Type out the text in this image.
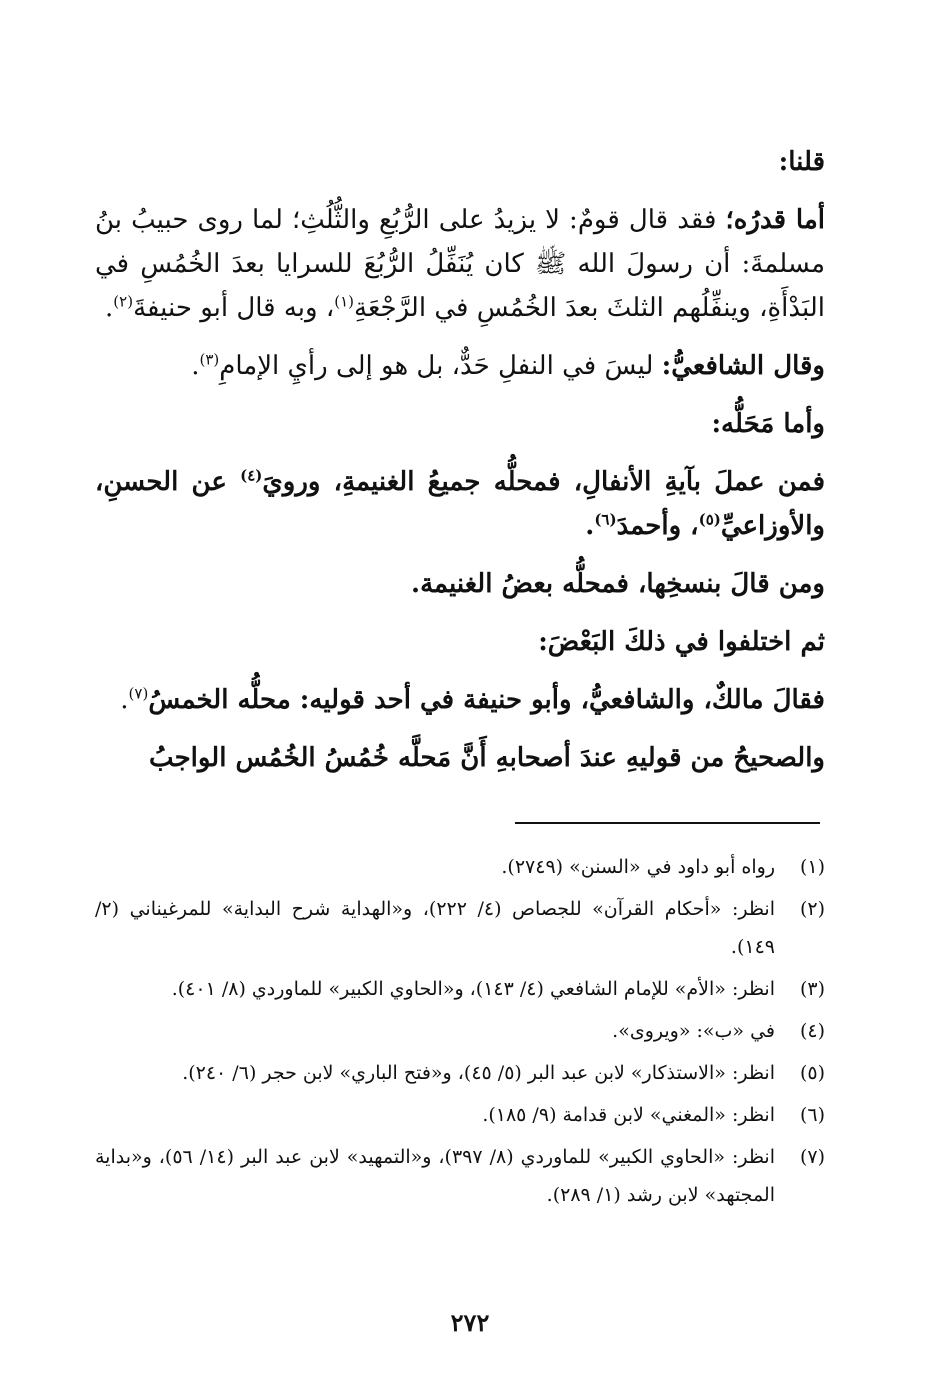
قلنا:

أما قدرُه؛ فقد قال قومٌ: لا يزيدُ على الرُّبُعِ والثُّلُثِ؛ لما روى حبيبُ بنُ مسلمةَ: أن رسولَ الله ﷺ كان يُنَفِّلُ الرُّبُعَ للسرايا بعدَ الخُمُسِ في البَدْأَةِ، وينفِّلُهم الثلثَ بعدَ الخُمُسِ في الرَّجْعَةِ$^{(١)}$، وبه قال أبو حنيفةَ$^{(٢)}$.

وقال الشافعيُّ: ليسَ في النفلِ حَدٌّ، بل هو إلى رأيِ الإمامِ$^{(٣)}$.

وأما مَحَلُّه:

فمن عملَ بآيةِ الأنفالِ، فمحلُّه جميعُ الغنيمةِ، ورويَ$^{(٤)}$ عن الحسنِ، والأوزاعيِّ$^{(٥)}$، وأحمدَ$^{(٦)}$.

ومن قالَ بنسخِها، فمحلُّه بعضُ الغنيمة.

ثم اختلفوا في ذلكَ البَعْضَ:

فقالَ مالكٌ، والشافعيُّ، وأبو حنيفة في أحد قوليه: محلُّه الخمسُ$^{(٧)}$.

والصحيحُ من قوليهِ عندَ أصحابهِ أَنَّ مَحلَّه خُمُسُ الخُمُس الواجبُ

(١)
رواه أبو داود في «السنن» (٢٧٤٩).
(٢)
انظر: «أحكام القرآن» للجصاص (٤/ ٢٢٢)، و«الهداية شرح البداية» للمرغيناني (٢/ ١٤٩).
(٣)
انظر: «الأم» للإمام الشافعي (٤/ ١٤٣)، و«الحاوي الكبير» للماوردي (٨/ ٤٠١).
(٤)
في «ب»: «ويروى».
(٥)
انظر: «الاستذكار» لابن عبد البر (٥/ ٤٥)، و«فتح الباري» لابن حجر (٦/ ٢٤٠).
(٦)
انظر: «المغني» لابن قدامة (٩/ ١٨٥).
(٧)
انظر: «الحاوي الكبير» للماوردي (٨/ ٣٩٧)، و«التمهيد» لابن عبد البر (١٤/ ٥٦)، و«بداية المجتهد» لابن رشد (١/ ٢٨٩).
٢٧٢
